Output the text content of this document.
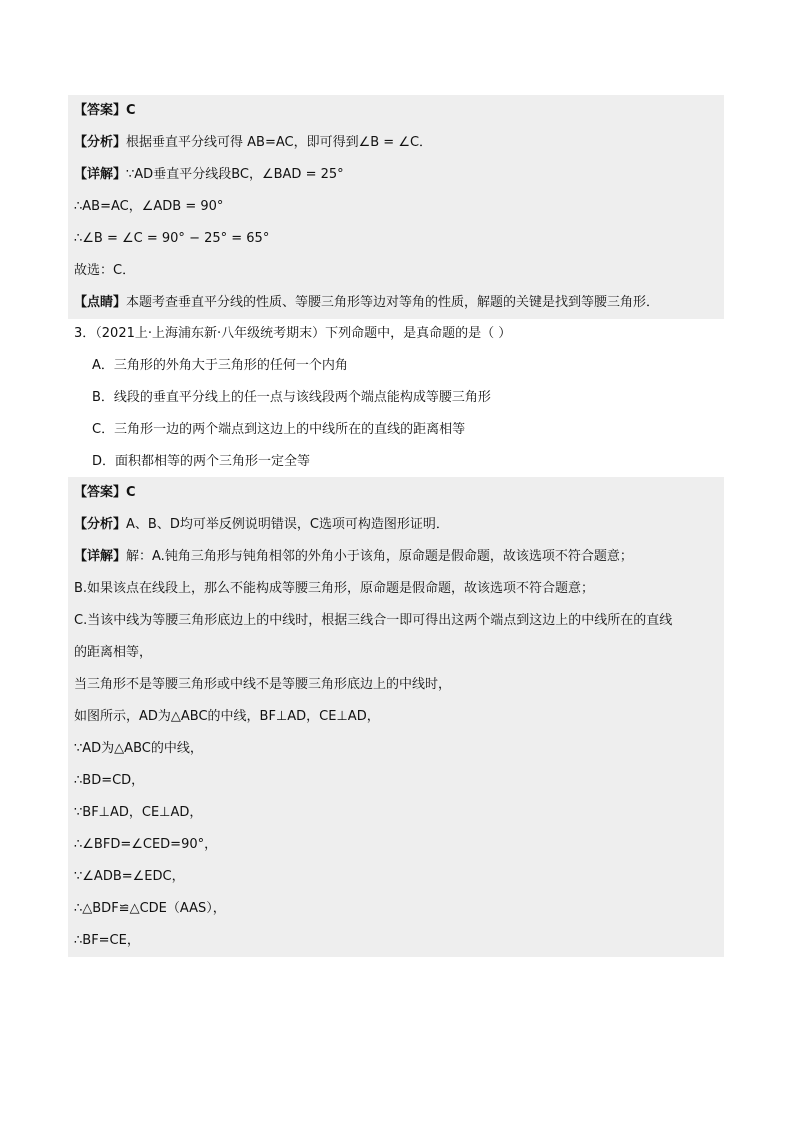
【答案】C
【分析】根据垂直平分线可得 AB=AC，即可得到∠B = ∠C．
【详解】∵AD垂直平分线段BC，∠BAD = 25°
∴AB=AC，∠ADB = 90°
∴∠B = ∠C = 90° − 25° = 65°
故选：C．
【点睛】本题考查垂直平分线的性质、等腰三角形等边对等角的性质，解题的关键是找到等腰三角形．
3．（2021上·上海浦东新·八年级统考期末）下列命题中，是真命题的是（ ）
A．三角形的外角大于三角形的任何一个内角
B．线段的垂直平分线上的任一点与该线段两个端点能构成等腰三角形
C．三角形一边的两个端点到这边上的中线所在的直线的距离相等
D．面积都相等的两个三角形一定全等
【答案】C
【分析】A、B、D均可举反例说明错误，C选项可构造图形证明．
【详解】解：A.钝角三角形与钝角相邻的外角小于该角，原命题是假命题，故该选项不符合题意；
B.如果该点在线段上，那么不能构成等腰三角形，原命题是假命题，故该选项不符合题意；
C.当该中线为等腰三角形底边上的中线时，根据三线合一即可得出这两个端点到这边上的中线所在的直线
的距离相等，
当三角形不是等腰三角形或中线不是等腰三角形底边上的中线时，
如图所示，AD为△ABC的中线，BF⊥AD，CE⊥AD，
∵AD为△ABC的中线，
∴BD=CD，
∵BF⊥AD，CE⊥AD，
∴∠BFD=∠CED=90°，
∵∠ADB=∠EDC，
∴△BDF≌△CDE（AAS），
∴BF=CE，
